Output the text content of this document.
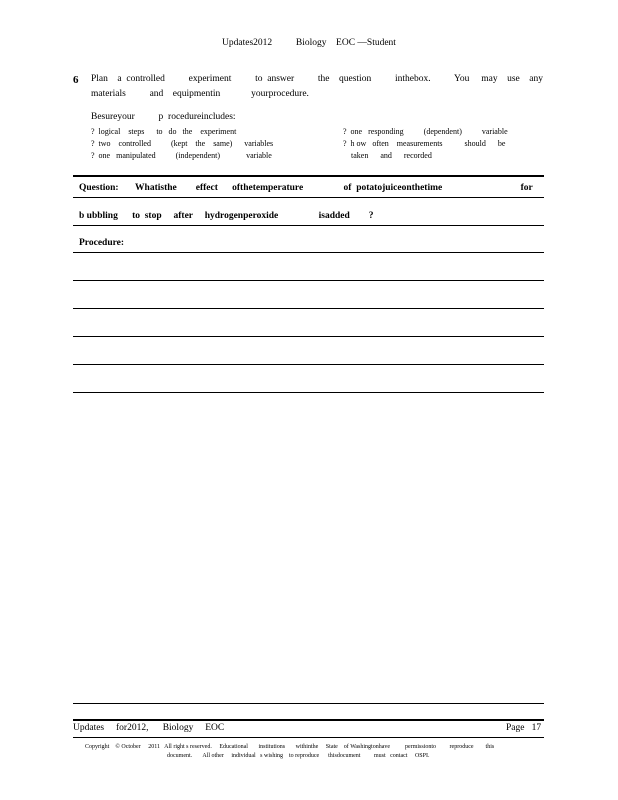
Updates2012          Biology    EOC —Student
6 Plan    a  controlled          experiment          to  answer          the    question          inthebox.          You     may    use    any
materials          and    equipmentin             yourprocedure.
Besureyour          p  rocedureincludes:
?  logical    steps      to   do   the    experiment
?  two    controlled          (kept    the    same)      variables
?  one   manipulated          (independent)             variable
?  one   responding          (dependent)          variable
?  h ow   often    measurements           should      be
taken      and      recorded
Question:       Whatisthe        effect      ofthetemperature                 of  potatojuiceonthetime                                 for
b ubbling      to  stop     after     hydrogenperoxide                 isadded        ?
Procedure:
Updates     for2012,      Biology     EOC	Page   17
Copyright    © October     2011   All right s reserved.     Educational       institutions       withinthe     State    of Washingtonhave          permissionto         reproduce        this
document.       All other     individual   s wishing    to reproduce      thisdocument         must   contact     OSPI.
